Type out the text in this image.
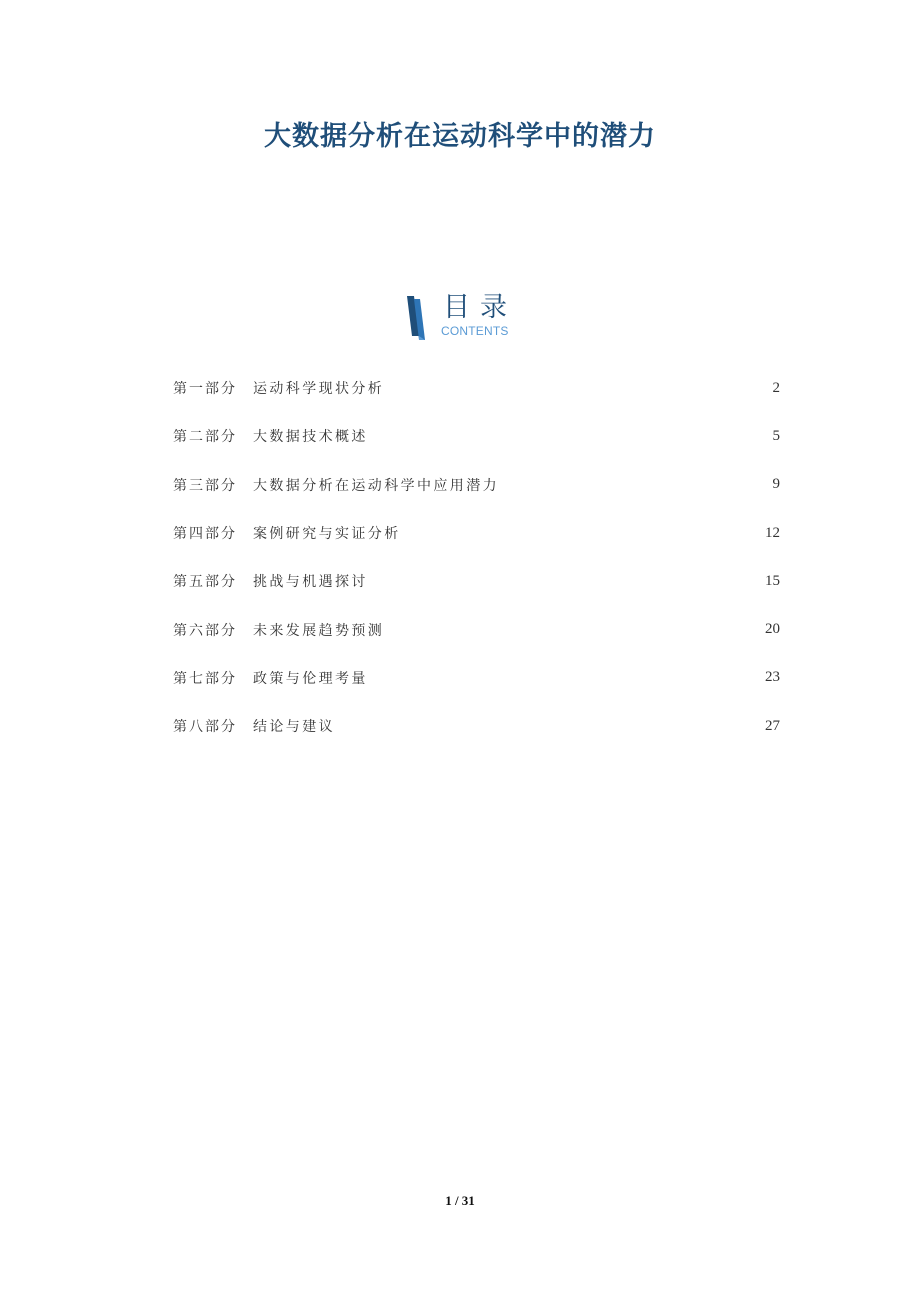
大数据分析在运动科学中的潜力
目录
CONTENTS
第一部分	运动科学现状分析	2
第二部分	大数据技术概述	5
第三部分	大数据分析在运动科学中应用潜力	9
第四部分	案例研究与实证分析	12
第五部分	挑战与机遇探讨	15
第六部分	未来发展趋势预测	20
第七部分	政策与伦理考量	23
第八部分	结论与建议	27
1 / 31
